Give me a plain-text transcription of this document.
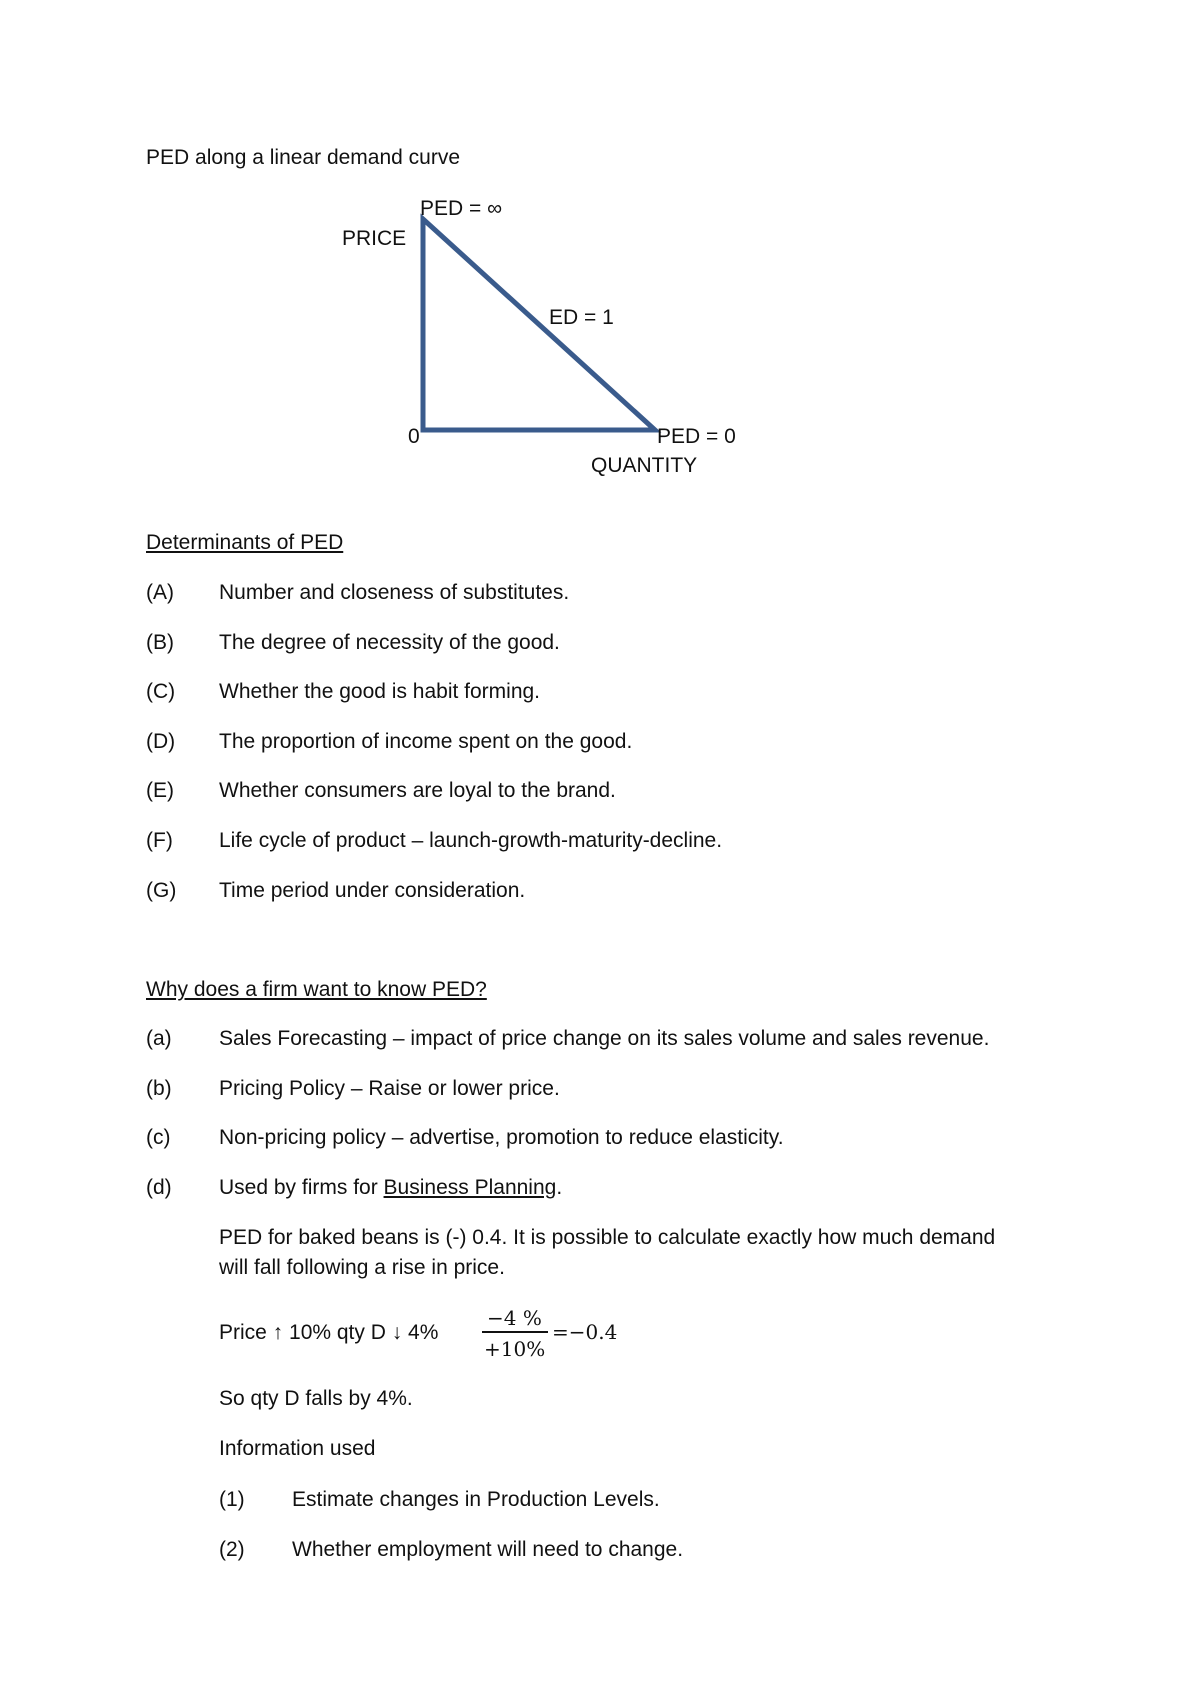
PED along a linear demand curve
PED = ∞
PRICE
ED = 1
0	PED = 0
QUANTITY
Determinants of PED
(A) Number and closeness of substitutes.
(B) The degree of necessity of the good.
(C) Whether the good is habit forming.
(D) The proportion of income spent on the good.
(E) Whether consumers are loyal to the brand.
(F) Life cycle of product – launch-growth-maturity-decline.
(G) Time period under consideration.
Why does a firm want to know PED?
(a) Sales Forecasting – impact of price change on its sales volume and sales revenue.
(b) Pricing Policy – Raise or lower price.
(c) Non-pricing policy – advertise, promotion to reduce elasticity.
(d) Used by firms for Business Planning.
PED for baked beans is (-) 0.4. It is possible to calculate exactly how much demand
will fall following a rise in price.
Price ↑ 10% qty D ↓ 4%
−4 %
+10%
=−0.4
So qty D falls by 4%.
Information used
(1) Estimate changes in Production Levels.
(2) Whether employment will need to change.
